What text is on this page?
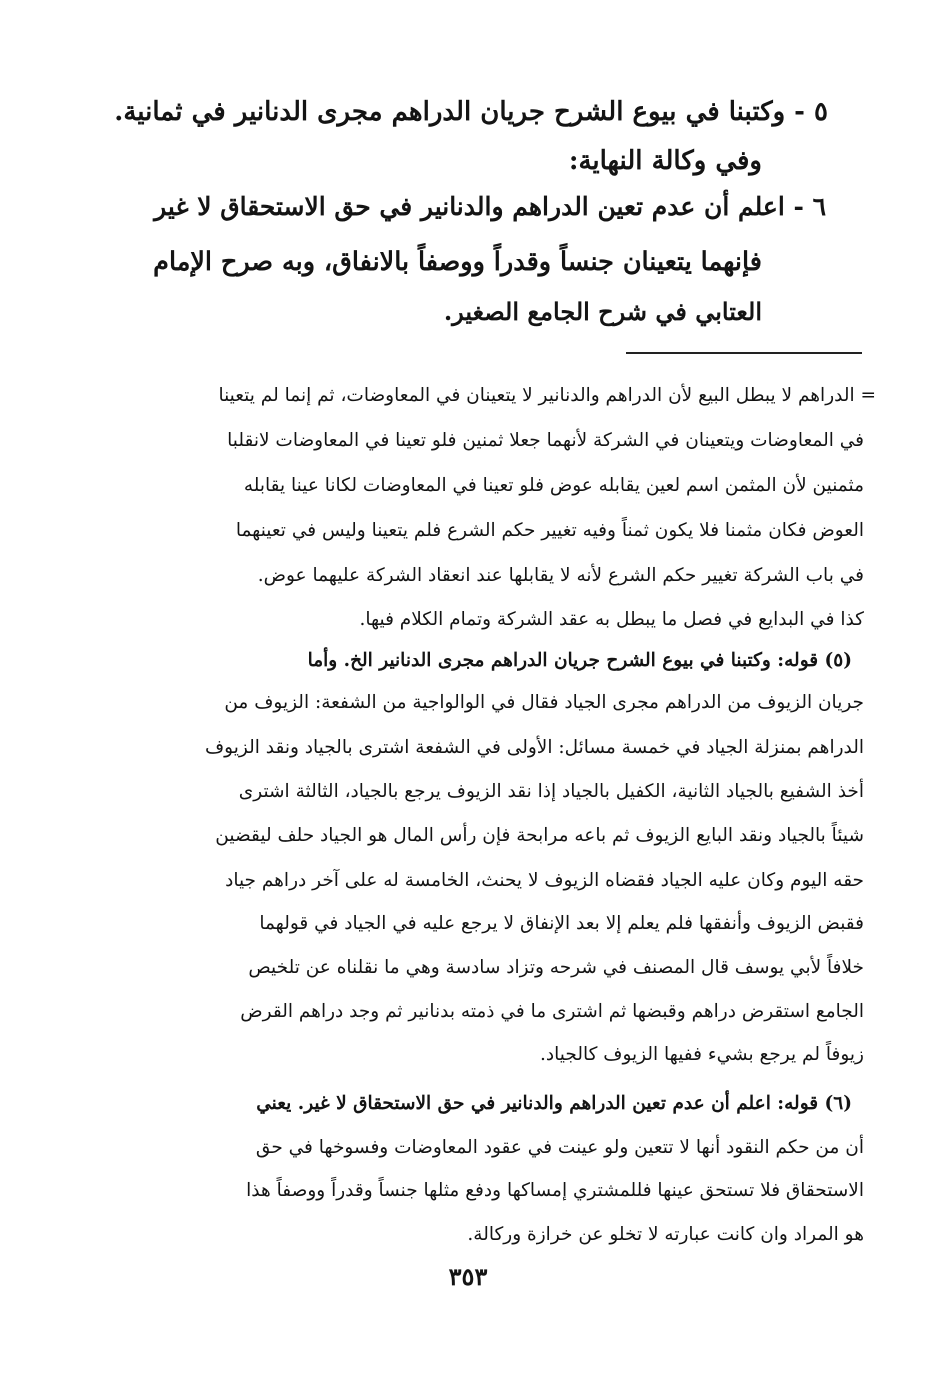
٥ - وكتبنا في بيوع الشرح جريان الدراهم مجرى الدنانير في ثمانية.
وفي وكالة النهاية:
٦ - اعلم أن عدم تعين الدراهم والدنانير في حق الاستحقاق لا غير
فإنهما يتعينان جنساً وقدراً ووصفاً بالانفاق، وبه صرح الإمام
العتابي في شرح الجامع الصغير.
= الدراهم لا يبطل البيع لأن الدراهم والدنانير لا يتعينان في المعاوضات، ثم إنما لم يتعينا
في المعاوضات ويتعينان في الشركة لأنهما جعلا ثمنين فلو تعينا في المعاوضات لانقلبا
مثمنين لأن المثمن اسم لعين يقابله عوض فلو تعينا في المعاوضات لكانا عينا يقابله
العوض فكان مثمنا فلا يكون ثمناً وفيه تغيير حكم الشرع فلم يتعينا وليس في تعينهما
في باب الشركة تغيير حكم الشرع لأنه لا يقابلها عند انعقاد الشركة عليهما عوض.
كذا في البدايع في فصل ما يبطل به عقد الشركة وتمام الكلام فيها.
(٥) قوله: وكتبنا في بيوع الشرح جريان الدراهم مجرى الدنانير الخ. وأما
جريان الزيوف من الدراهم مجرى الجياد فقال في الوالواجية من الشفعة: الزيوف من
الدراهم بمنزلة الجياد في خمسة مسائل: الأولى في الشفعة اشترى بالجياد ونقد الزيوف
أخذ الشفيع بالجياد الثانية، الكفيل بالجياد إذا نقد الزيوف يرجع بالجياد، الثالثة اشترى
شيئاً بالجياد ونقد البايع الزيوف ثم باعه مرابحة فإن رأس المال هو الجياد حلف ليقضين
حقه اليوم وكان عليه الجياد فقضاه الزيوف لا يحنث، الخامسة له على آخر دراهم جياد
فقبض الزيوف وأنفقها فلم يعلم إلا بعد الإنفاق لا يرجع عليه في الجياد في قولهما
خلافاً لأبي يوسف قال المصنف في شرحه وتزاد سادسة وهي ما نقلناه عن تلخيص
الجامع استقرض دراهم وقبضها ثم اشترى ما في ذمته بدنانير ثم وجد دراهم القرض
زيوفاً لم يرجع بشيء ففيها الزيوف كالجياد.
(٦) قوله: اعلم أن عدم تعين الدراهم والدنانير في حق الاستحقاق لا غير. يعني
أن من حكم النقود أنها لا تتعين ولو عينت في عقود المعاوضات وفسوخها في حق
الاستحقاق فلا تستحق عينها فللمشتري إمساكها ودفع مثلها جنساً وقدراً ووصفاً هذا
هو المراد وان كانت عبارته لا تخلو عن خرازة وركالة.
٣٥٣
